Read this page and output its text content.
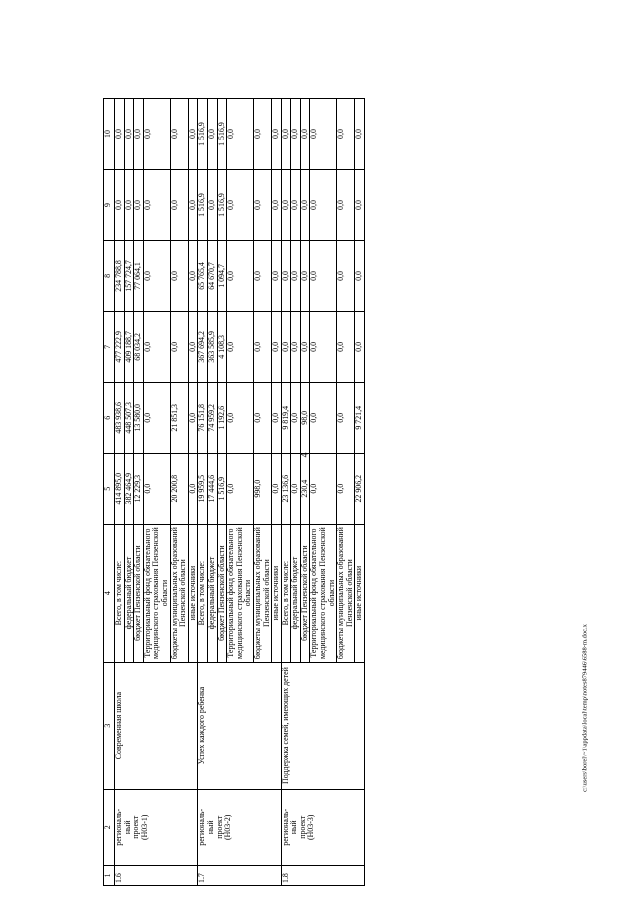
4
c:\users\borel\~1\appdata\local\temp\notes879446\6588-m.doc.x
1	2	3	4	5	6	7	8	9	10
1.6	региональ-
ный
проект
(Н03-1)	Современная школа	Всего, в том числе:	414 895,0	483 938,6	477 222,9	234 788,8	0,0	0,0
			федеральный бюджет	382 464,9	448 507,3	409 188,7	157 724,7	0,0	0,0
			бюджет Пензенской области	12 229,3	13 580,0	68 034,2	77 064,1	0,0	0,0
			Территориальный фонд обязательного медицинского страхования Пензенской области	0,0	0,0	0,0	0,0	0,0	0,0
			бюджеты муниципальных образований Пензенской области	20 200,8	21 851,3	0,0	0,0	0,0	0,0
			иные источники	0,0	0,0	0,0	0,0	0,0	0,0
1.7	региональ-
ный
проект
(Н03-2)	Успех каждого ребенка	Всего, в том числе:	19 959,5	76 151,8	367 694,2	65 765,4	1 516,9	1 516,9
			федеральный бюджет	17 444,6	74 959,2	363 585,9	64 670,7	0,0	0,0
			бюджет Пензенской области	1 516,9	1 192,6	4 108,3	1 094,7	1 516,9	1 516,9
			Территориальный фонд обязательного медицинского страхования Пензенской области	0,0	0,0	0,0	0,0	0,0	0,0
			бюджеты муниципальных образований Пензенской области	998,0	0,0	0,0	0,0	0,0	0,0
			иные источники	0,0	0,0	0,0	0,0	0,0	0,0
1.8	региональ-
ный
проект
(Н03-3)	Поддержка семей, имеющих детей	Всего, в том числе:	23 136,6	9 819,4	0,0	0,0	0,0	0,0
			федеральный бюджет	0,0	0,0	0,0	0,0	0,0	0,0
			бюджет Пензенской области	230,4	98,0	0,0	0,0	0,0	0,0
			Территориальный фонд обязательного медицинского страхования Пензенской области	0,0	0,0	0,0	0,0	0,0	0,0
			бюджеты муниципальных образований Пензенской области	0,0	0,0	0,0	0,0	0,0	0,0
			иные источники	22 906,2	9 721,4	0,0	0,0	0,0	0,0
